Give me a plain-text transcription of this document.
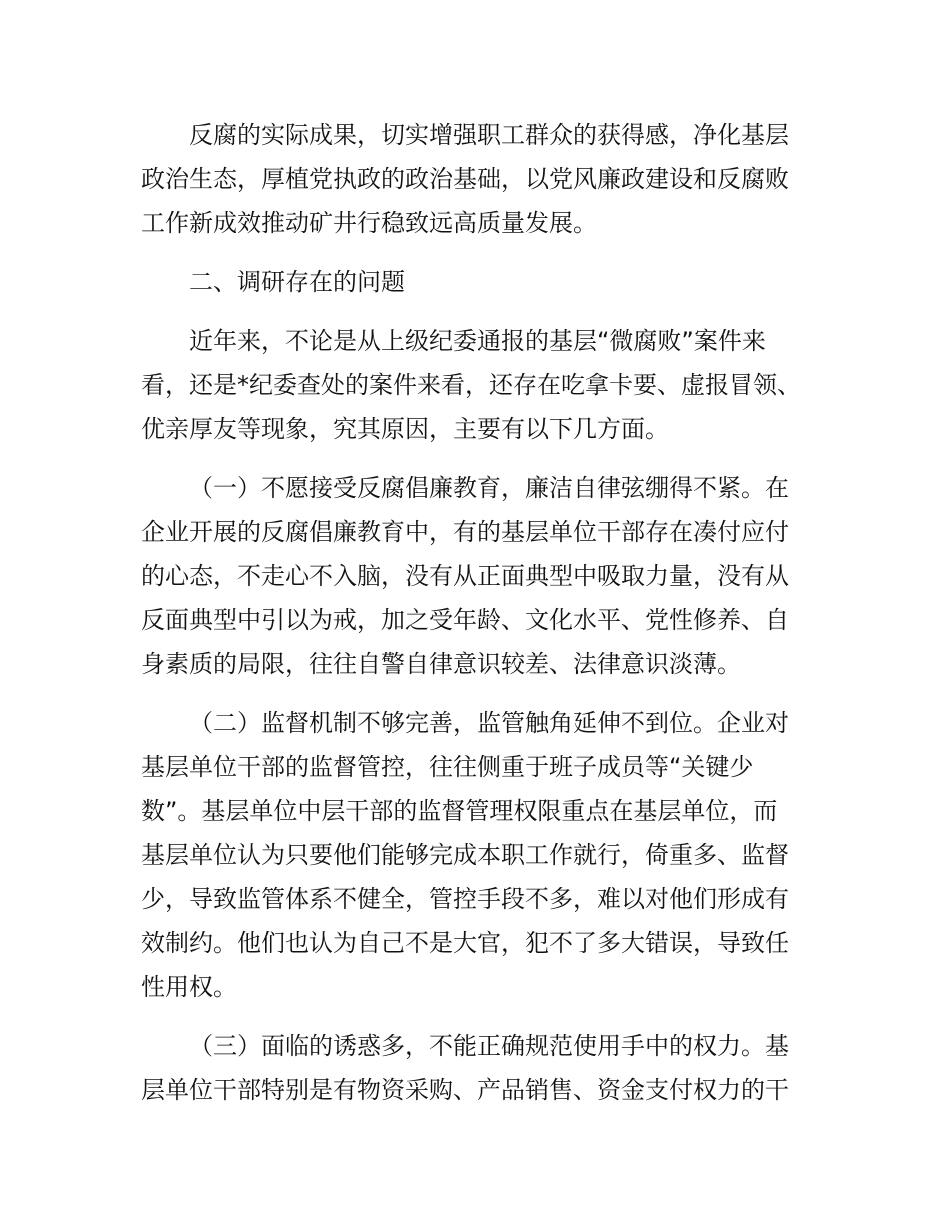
反腐的实际成果，切实增强职工群众的获得感，净化基层
政治生态，厚植党执政的政治基础，以党风廉政建设和反腐败
工作新成效推动矿井行稳致远高质量发展。
二、调研存在的问题
近年来，不论是从上级纪委通报的基层“微腐败”案件来
看，还是*纪委查处的案件来看，还存在吃拿卡要、虚报冒领、
优亲厚友等现象，究其原因，主要有以下几方面。
（一）不愿接受反腐倡廉教育，廉洁自律弦绷得不紧。在
企业开展的反腐倡廉教育中，有的基层单位干部存在凑付应付
的心态，不走心不入脑，没有从正面典型中吸取力量，没有从
反面典型中引以为戒，加之受年龄、文化水平、党性修养、自
身素质的局限，往往自警自律意识较差、法律意识淡薄。
（二）监督机制不够完善，监管触角延伸不到位。企业对
基层单位干部的监督管控，往往侧重于班子成员等“关键少
数”。基层单位中层干部的监督管理权限重点在基层单位，而
基层单位认为只要他们能够完成本职工作就行，倚重多、监督
少，导致监管体系不健全，管控手段不多，难以对他们形成有
效制约。他们也认为自己不是大官，犯不了多大错误，导致任
性用权。
（三）面临的诱惑多，不能正确规范使用手中的权力。基
层单位干部特别是有物资采购、产品销售、资金支付权力的干
